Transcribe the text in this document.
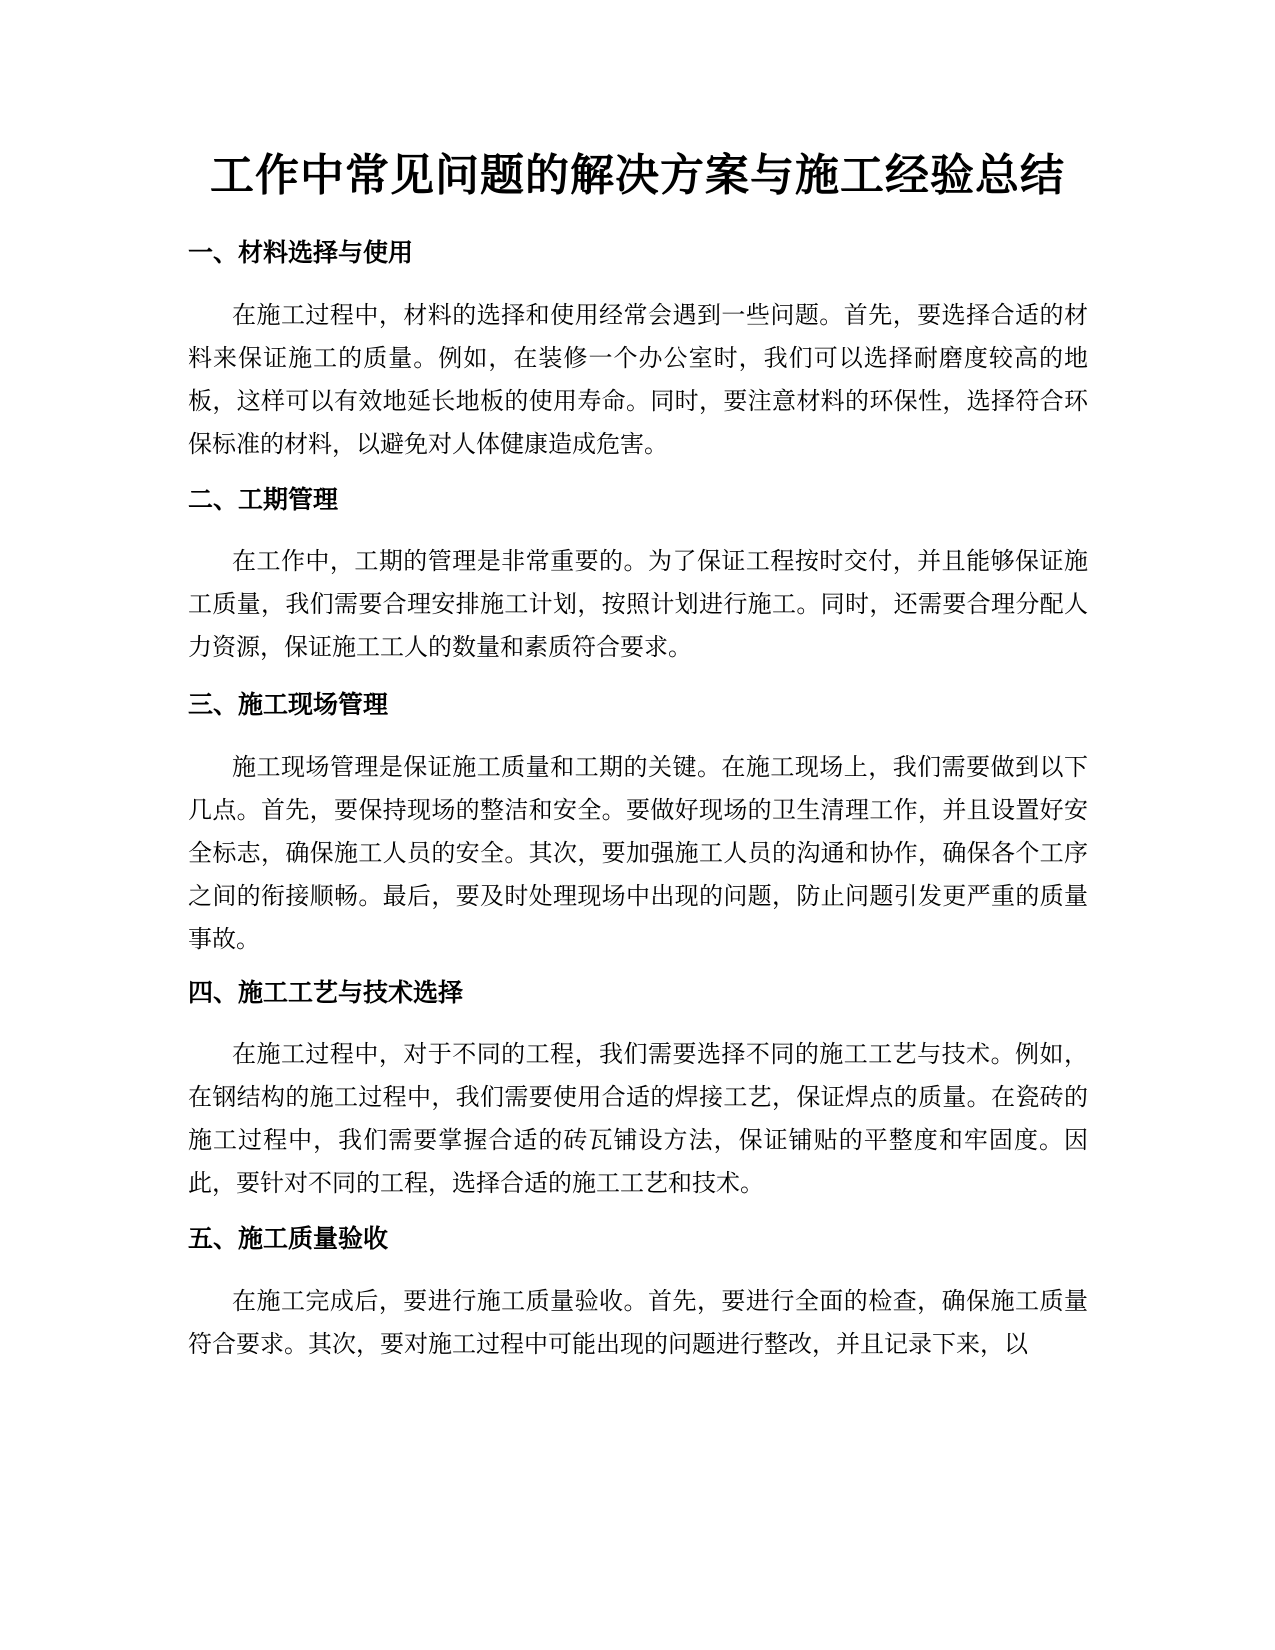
工作中常见问题的解决方案与施工经验总结
一、材料选择与使用

在施工过程中，材料的选择和使用经常会遇到一些问题。首先，要选择合适的材料来保证施工的质量。例如，在装修一个办公室时，我们可以选择耐磨度较高的地板，这样可以有效地延长地板的使用寿命。同时，要注意材料的环保性，选择符合环保标准的材料，以避免对人体健康造成危害。

二、工期管理

在工作中，工期的管理是非常重要的。为了保证工程按时交付，并且能够保证施工质量，我们需要合理安排施工计划，按照计划进行施工。同时，还需要合理分配人力资源，保证施工工人的数量和素质符合要求。

三、施工现场管理

施工现场管理是保证施工质量和工期的关键。在施工现场上，我们需要做到以下几点。首先，要保持现场的整洁和安全。要做好现场的卫生清理工作，并且设置好安全标志，确保施工人员的安全。其次，要加强施工人员的沟通和协作，确保各个工序之间的衔接顺畅。最后，要及时处理现场中出现的问题，防止问题引发更严重的质量事故。

四、施工工艺与技术选择

在施工过程中，对于不同的工程，我们需要选择不同的施工工艺与技术。例如，在钢结构的施工过程中，我们需要使用合适的焊接工艺，保证焊点的质量。在瓷砖的施工过程中，我们需要掌握合适的砖瓦铺设方法，保证铺贴的平整度和牢固度。因此，要针对不同的工程，选择合适的施工工艺和技术。

五、施工质量验收

在施工完成后，要进行施工质量验收。首先，要进行全面的检查，确保施工质量符合要求。其次，要对施工过程中可能出现的问题进行整改，并且记录下来，以
